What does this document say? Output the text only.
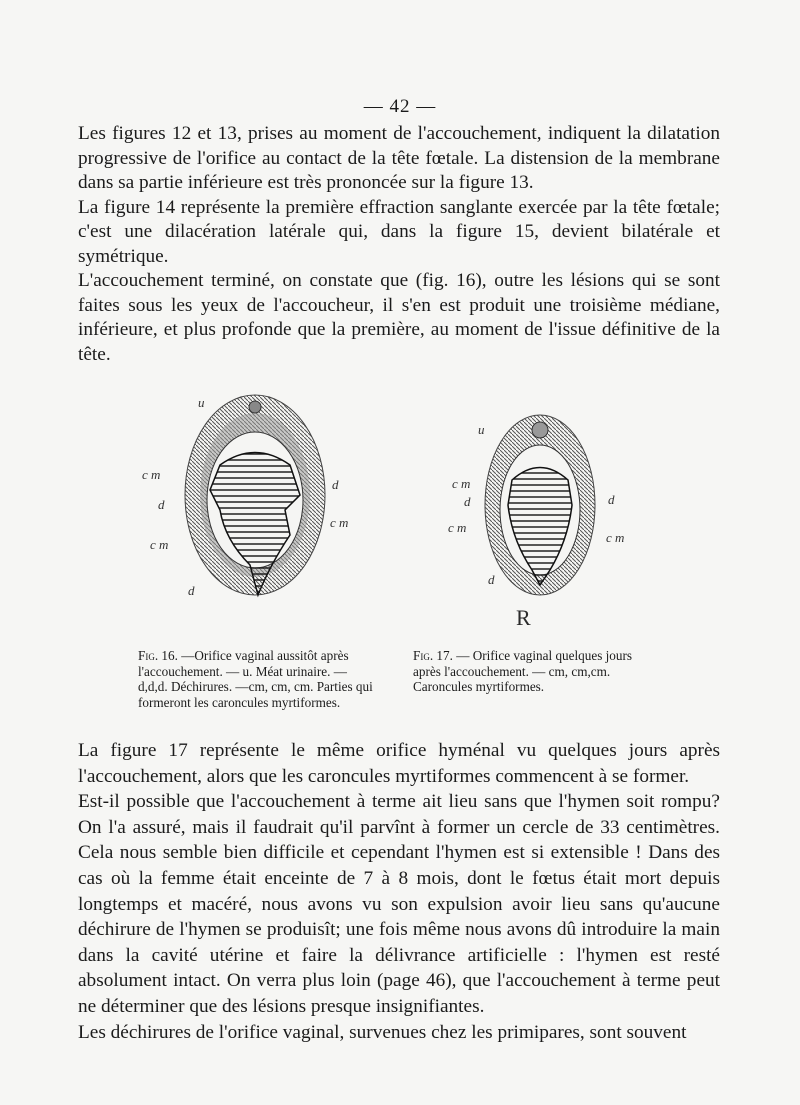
— 42 —

Les figures 12 et 13, prises au moment de l'accouchement, indiquent la dilatation progressive de l'orifice au contact de la tête fœtale. La distension de la membrane dans sa partie inférieure est très prononcée sur la figure 13.

La figure 14 représente la première effraction sanglante exercée par la tête fœtale; c'est une dilacération latérale qui, dans la figure 15, devient bilatérale et symétrique.

L'accouchement terminé, on constate que (fig. 16), outre les lésions qui se sont faites sous les yeux de l'accoucheur, il s'en est produit une troisième médiane, inférieure, et plus profonde que la première, au moment de l'issue définitive de la tête.

u
c m
d
c m
d
d
c m
u
c m
d
c m
d
d
c m
R
Fig. 16. —Orifice vaginal aussitôt après l'accouchement. — u. Méat urinaire. — d,d,d. Déchirures. —cm, cm, cm. Parties qui formeront les caroncules myrtiformes.
Fig. 17. — Orifice vaginal quelques jours après l'accouchement. — cm, cm,cm. Caroncules myrtiformes.

La figure 17 représente le même orifice hyménal vu quelques jours après l'accouchement, alors que les caroncules myrtiformes commencent à se former.

Est-il possible que l'accouchement à terme ait lieu sans que l'hymen soit rompu? On l'a assuré, mais il faudrait qu'il parvînt à former un cercle de 33 centimètres. Cela nous semble bien difficile et cependant l'hymen est si extensible ! Dans des cas où la femme était enceinte de 7 à 8 mois, dont le fœtus était mort depuis longtemps et macéré, nous avons vu son expulsion avoir lieu sans qu'aucune déchirure de l'hymen se produisît; une fois même nous avons dû introduire la main dans la cavité utérine et faire la délivrance artificielle : l'hymen est resté absolument intact. On verra plus loin (page 46), que l'accouchement à terme peut ne déterminer que des lésions presque insignifiantes.

Les déchirures de l'orifice vaginal, survenues chez les primipares, sont souvent
